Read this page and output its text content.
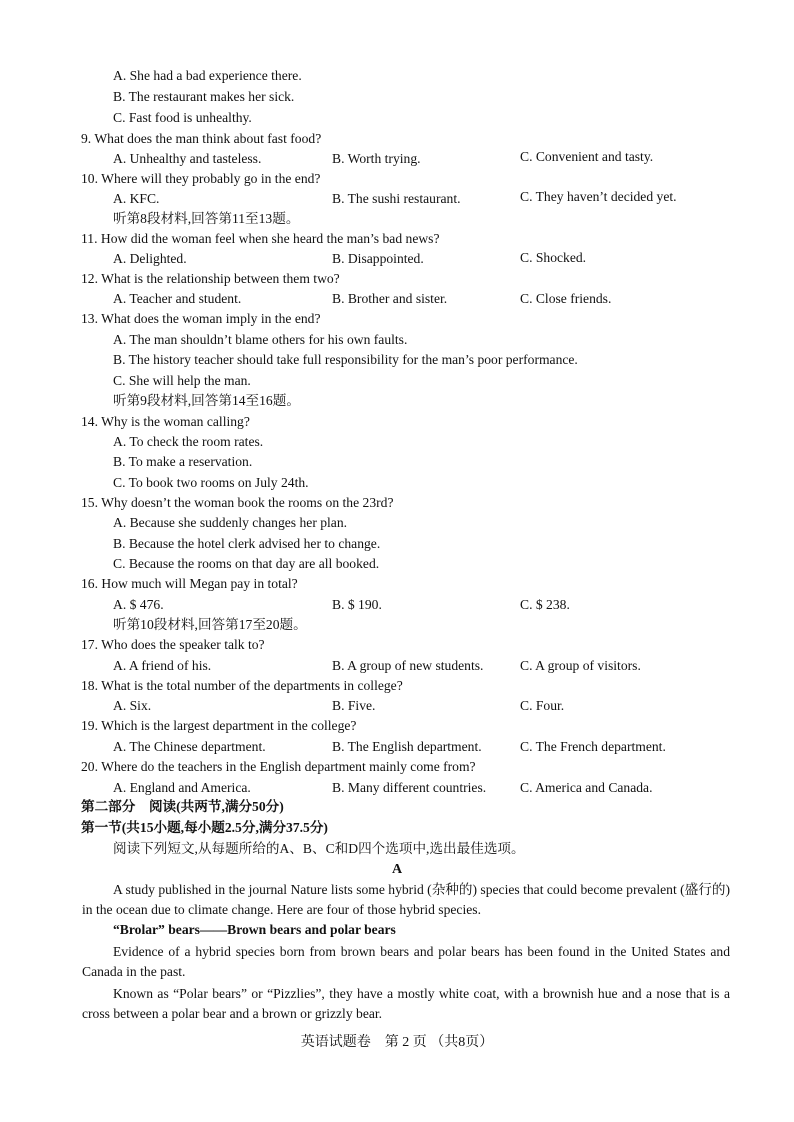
A. She had a bad experience there.
B. The restaurant makes her sick.
C. Fast food is unhealthy.
9. What does the man think about fast food?
A. Unhealthy and tasteless.	B. Worth trying.	C. Convenient and tasty.
10. Where will they probably go in the end?
A. KFC.	B. The sushi restaurant.	C. They haven’t decided yet.
听第8段材料,回答第11至13题。
11. How did the woman feel when she heard the man’s bad news?
A. Delighted.	B. Disappointed.	C. Shocked.
12. What is the relationship between them two?
A. Teacher and student.	B. Brother and sister.	C. Close friends.
13. What does the woman imply in the end?
A. The man shouldn’t blame others for his own faults.
B. The history teacher should take full responsibility for the man’s poor performance.
C. She will help the man.
听第9段材料,回答第14至16题。
14. Why is the woman calling?
A. To check the room rates.
B. To make a reservation.
C. To book two rooms on July 24th.
15. Why doesn’t the woman book the rooms on the 23rd?
A. Because she suddenly changes her plan.
B. Because the hotel clerk advised her to change.
C. Because the rooms on that day are all booked.
16. How much will Megan pay in total?
A. $ 476.	B. $ 190.	C. $ 238.
听第10段材料,回答第17至20题。
17. Who does the speaker talk to?
A. A friend of his.	B. A group of new students.	C. A group of visitors.
18. What is the total number of the departments in college?
A. Six.	B. Five.	C. Four.
19. Which is the largest department in the college?
A. The Chinese department.	B. The English department.	C. The French department.
20. Where do the teachers in the English department mainly come from?
A. England and America.	B. Many different countries. C. America and Canada.
第二部分　阅读(共两节,满分50分)
第一节(共15小题,每小题2.5分,满分37.5分)
阅读下列短文,从每题所给的A、B、C和D四个选项中,选出最佳选项。
A
A study published in the journal Nature lists some hybrid (杂种的) species that could become prevalent (盛行的) in the ocean due to climate change. Here are four of those hybrid species.
“Brolar” bears——Brown bears and polar bears
Evidence of a hybrid species born from brown bears and polar bears has been found in the United States and Canada in the past.
Known as “Polar bears” or “Pizzlies”, they have a mostly white coat, with a brownish hue and a nose that is a cross between a polar bear and a brown or grizzly bear.
英语试题卷　第 2 页 （共8页）
